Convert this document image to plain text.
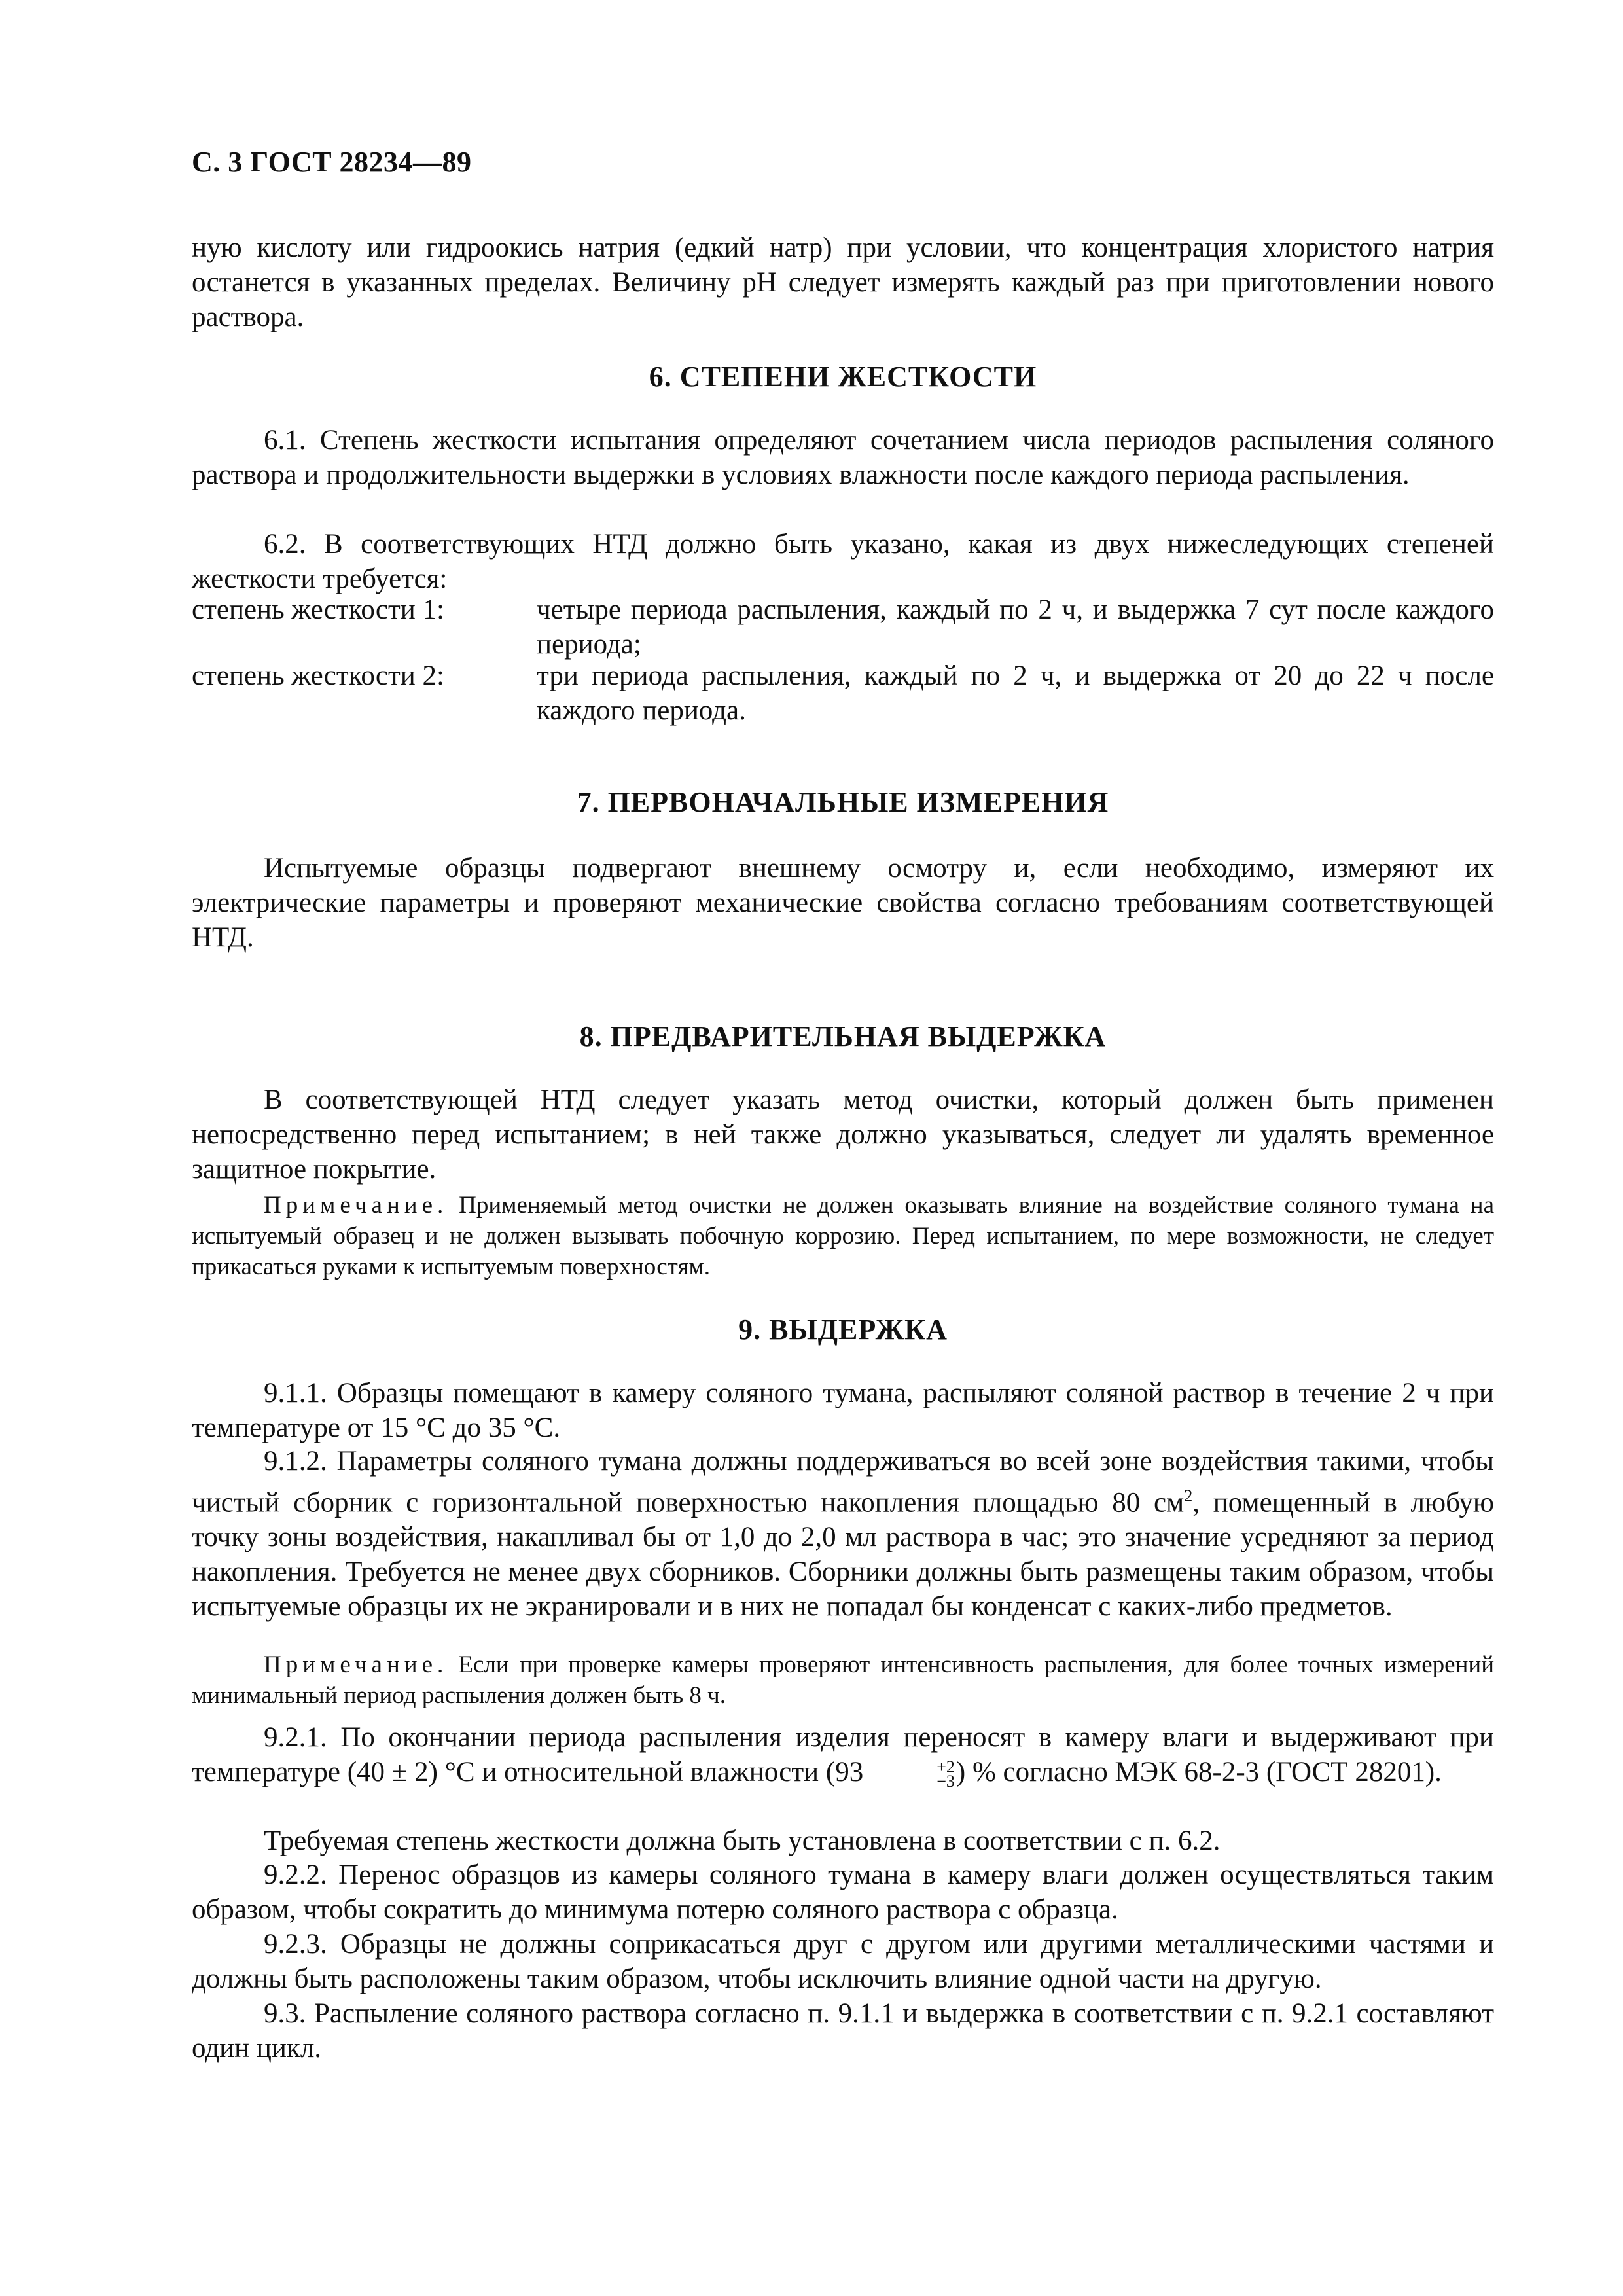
С. 3 ГОСТ 28234—89
ную кислоту или гидроокись натрия (едкий натр) при условии, что концентрация хлористого натрия останется в указанных пределах. Величину рН следует измерять каждый раз при приготовлении нового раствора.
6. СТЕПЕНИ ЖЕСТКОСТИ
6.1. Степень жесткости испытания определяют сочетанием числа периодов распыления соляного раствора и продолжительности выдержки в условиях влажности после каждого периода распыления.
6.2. В соответствующих НТД должно быть указано, какая из двух нижеследующих степеней жесткости требуется:
степень жесткости 1:	четыре периода распыления, каждый по 2 ч, и выдержка 7 сут после каждого периода;
степень жесткости 2:	три периода распыления, каждый по 2 ч, и выдержка от 20 до 22 ч после каждого периода.
7. ПЕРВОНАЧАЛЬНЫЕ ИЗМЕРЕНИЯ
Испытуемые образцы подвергают внешнему осмотру и, если необходимо, измеряют их электрические параметры и проверяют механические свойства согласно требованиям соответствующей НТД.
8. ПРЕДВАРИТЕЛЬНАЯ ВЫДЕРЖКА
В соответствующей НТД следует указать метод очистки, который должен быть применен непосредственно перед испытанием; в ней также должно указываться, следует ли удалять временное защитное покрытие.
Примечание. Применяемый метод очистки не должен оказывать влияние на воздействие соляного тумана на испытуемый образец и не должен вызывать побочную коррозию. Перед испытанием, по мере возможности, не следует прикасаться руками к испытуемым поверхностям.
9. ВЫДЕРЖКА
9.1.1. Образцы помещают в камеру соляного тумана, распыляют соляной раствор в течение 2 ч при температуре от 15 °С до 35 °С.
9.1.2. Параметры соляного тумана должны поддерживаться во всей зоне воздействия такими, чтобы чистый сборник с горизонтальной поверхностью накопления площадью 80 $см^2$, помещенный в любую точку зоны воздействия, накапливал бы от 1,0 до 2,0 мл раствора в час; это значение усредняют за период накопления. Требуется не менее двух сборников. Сборники должны быть размещены таким образом, чтобы испытуемые образцы их не экранировали и в них не попадал бы конденсат с каких-либо предметов.
Примечание. Если при проверке камеры проверяют интенсивность распыления, для более точных измерений минимальный период распыления должен быть 8 ч.
9.2.1. По окончании периода распыления изделия переносят в камеру влаги и выдерживают при температуре (40 ± 2) °С и относительной влажности (93	+2
−3 ) % согласно МЭК 68-2-3 (ГОСТ 28201).
Требуемая степень жесткости должна быть установлена в соответствии с п. 6.2.
9.2.2. Перенос образцов из камеры соляного тумана в камеру влаги должен осуществляться таким образом, чтобы сократить до минимума потерю соляного раствора с образца.
9.2.3. Образцы не должны соприкасаться друг с другом или другими металлическими частями и должны быть расположены таким образом, чтобы исключить влияние одной части на другую.
9.3. Распыление соляного раствора согласно п. 9.1.1 и выдержка в соответствии с п. 9.2.1 составляют один цикл.
